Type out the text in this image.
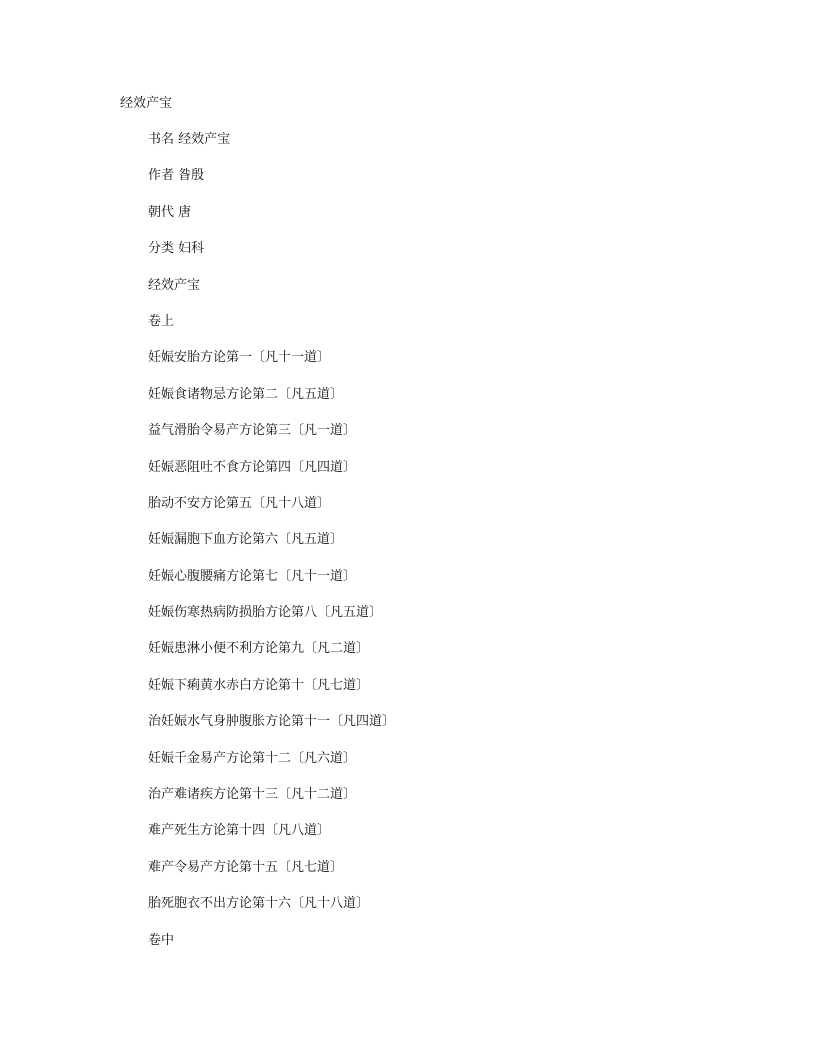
经效产宝
书名 经效产宝
作者 昝殷
朝代 唐
分类 妇科
经效产宝
卷上
妊娠安胎方论第一〔凡十一道〕
妊娠食诸物忌方论第二〔凡五道〕
益气滑胎令易产方论第三〔凡一道〕
妊娠恶阻吐不食方论第四〔凡四道〕
胎动不安方论第五〔凡十八道〕
妊娠漏胞下血方论第六〔凡五道〕
妊娠心腹腰痛方论第七〔凡十一道〕
妊娠伤寒热病防损胎方论第八〔凡五道〕
妊娠患淋小便不利方论第九〔凡二道〕
妊娠下痢黄水赤白方论第十〔凡七道〕
治妊娠水气身肿腹胀方论第十一〔凡四道〕
妊娠千金易产方论第十二〔凡六道〕
治产难诸疾方论第十三〔凡十二道〕
难产死生方论第十四〔凡八道〕
难产令易产方论第十五〔凡七道〕
胎死胞衣不出方论第十六〔凡十八道〕
卷中
